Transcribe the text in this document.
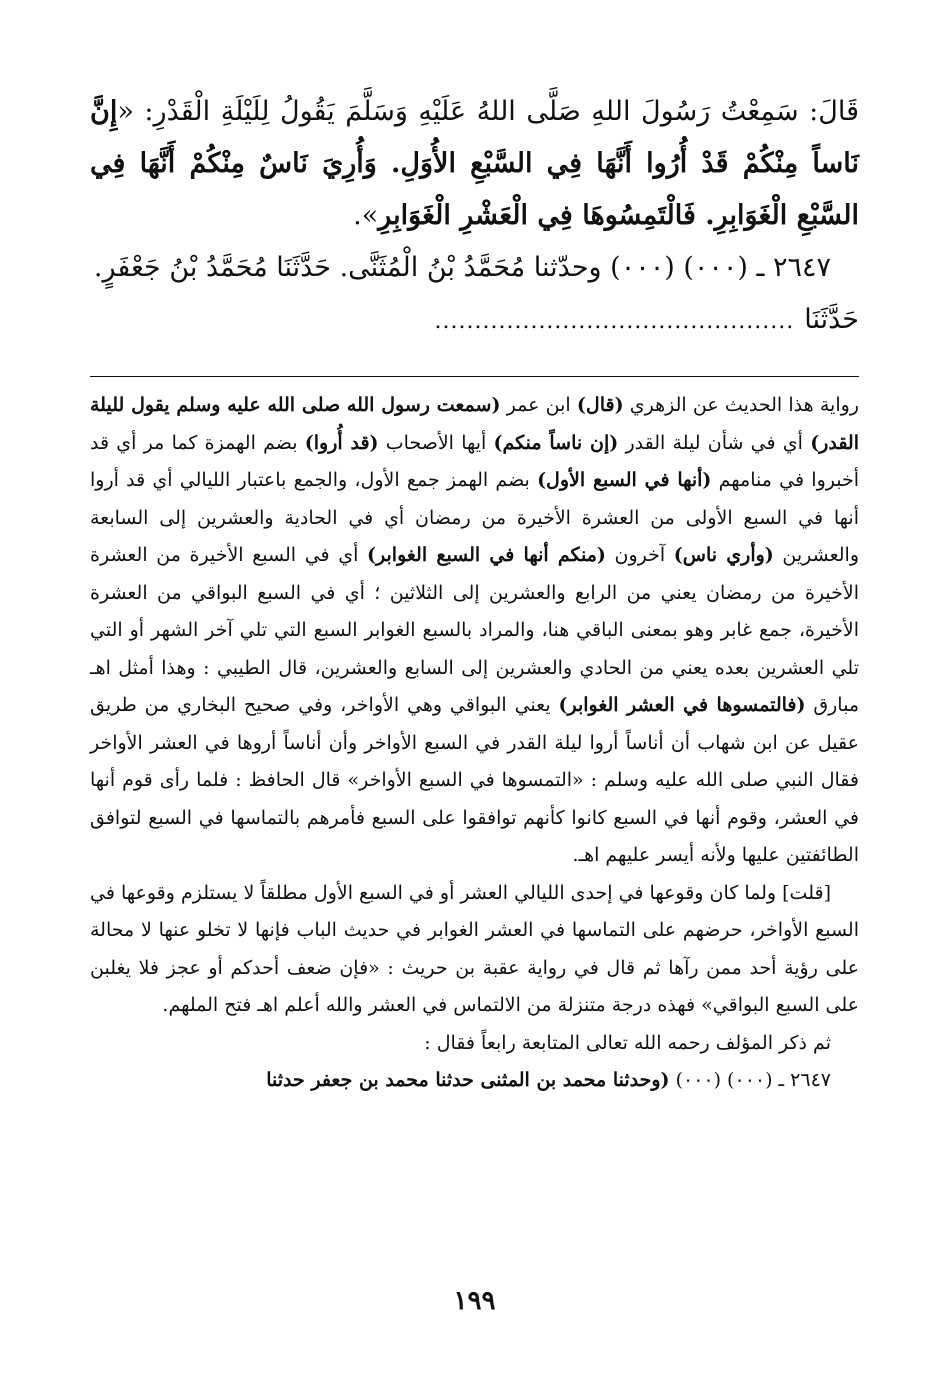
قَالَ: سَمِعْتُ رَسُولَ اللهِ صَلَّى اللهُ عَلَيْهِ وَسَلَّمَ يَقُولُ لِلَيْلَةِ الْقَدْرِ: «إِنَّ نَاساً مِنْكُمْ قَدْ أُرُوا أَنَّهَا فِي السَّبْعِ الأُوَلِ. وَأُرِيَ نَاسٌ مِنْكُمْ أَنَّهَا فِي السَّبْعِ الْغَوَابِرِ. فَالْتَمِسُوهَا فِي الْعَشْرِ الْغَوَابِرِ».

٢٦٤٧ ـ (٠٠٠) (٠٠٠) وحدّثنا مُحَمَّدُ بْنُ الْمُثَنَّى. حَدَّثَنَا مُحَمَّدُ بْنُ جَعْفَرٍ.

حَدَّثَنَا
.............................................

رواية هذا الحديث عن الزهري (قال) ابن عمر (سمعت رسول الله صلى الله عليه وسلم يقول لليلة القدر) أي في شأن ليلة القدر (إن ناساً منكم) أيها الأصحاب (قد أُروا) بضم الهمزة كما مر أي قد أخبروا في منامهم (أنها في السبع الأول) بضم الهمز جمع الأول، والجمع باعتبار الليالي أي قد أروا أنها في السبع الأولى من العشرة الأخيرة من رمضان أي في الحادية والعشرين إلى السابعة والعشرين (وأري ناس) آخرون (منكم أنها في السبع الغوابر) أي في السبع الأخيرة من العشرة الأخيرة من رمضان يعني من الرابع والعشرين إلى الثلاثين ؛ أي في السبع البواقي من العشرة الأخيرة، جمع غابر وهو بمعنى الباقي هنا، والمراد بالسبع الغوابر السبع التي تلي آخر الشهر أو التي تلي العشرين بعده يعني من الحادي والعشرين إلى السابع والعشرين، قال الطيبي : وهذا أمثل اهـ مبارق (فالتمسوها في العشر الغوابر) يعني البواقي وهي الأواخر، وفي صحيح البخاري من طريق عقيل عن ابن شهاب أن أناساً أروا ليلة القدر في السبع الأواخر وأن أناساً أروها في العشر الأواخر فقال النبي صلى الله عليه وسلم : «التمسوها في السبع الأواخر» قال الحافظ : فلما رأى قوم أنها في العشر، وقوم أنها في السبع كانوا كأنهم توافقوا على السبع فأمرهم بالتماسها في السبع لتوافق الطائفتين عليها ولأنه أيسر عليهم اهـ.

[قلت] ولما كان وقوعها في إحدى الليالي العشر أو في السبع الأول مطلقاً لا يستلزم وقوعها في السبع الأواخر، حرضهم على التماسها في العشر الغوابر في حديث الباب فإنها لا تخلو عنها لا محالة على رؤية أحد ممن رآها ثم قال في رواية عقبة بن حريث : «فإن ضعف أحدكم أو عجز فلا يغلبن على السبع البواقي» فهذه درجة متنزلة من الالتماس في العشر والله أعلم اهـ فتح الملهم.

ثم ذكر المؤلف رحمه الله تعالى المتابعة رابعاً فقال :

٢٦٤٧ ـ (٠٠٠) (٠٠٠) (وحدثنا محمد بن المثنى حدثنا محمد بن جعفر حدثنا

١٩٩
